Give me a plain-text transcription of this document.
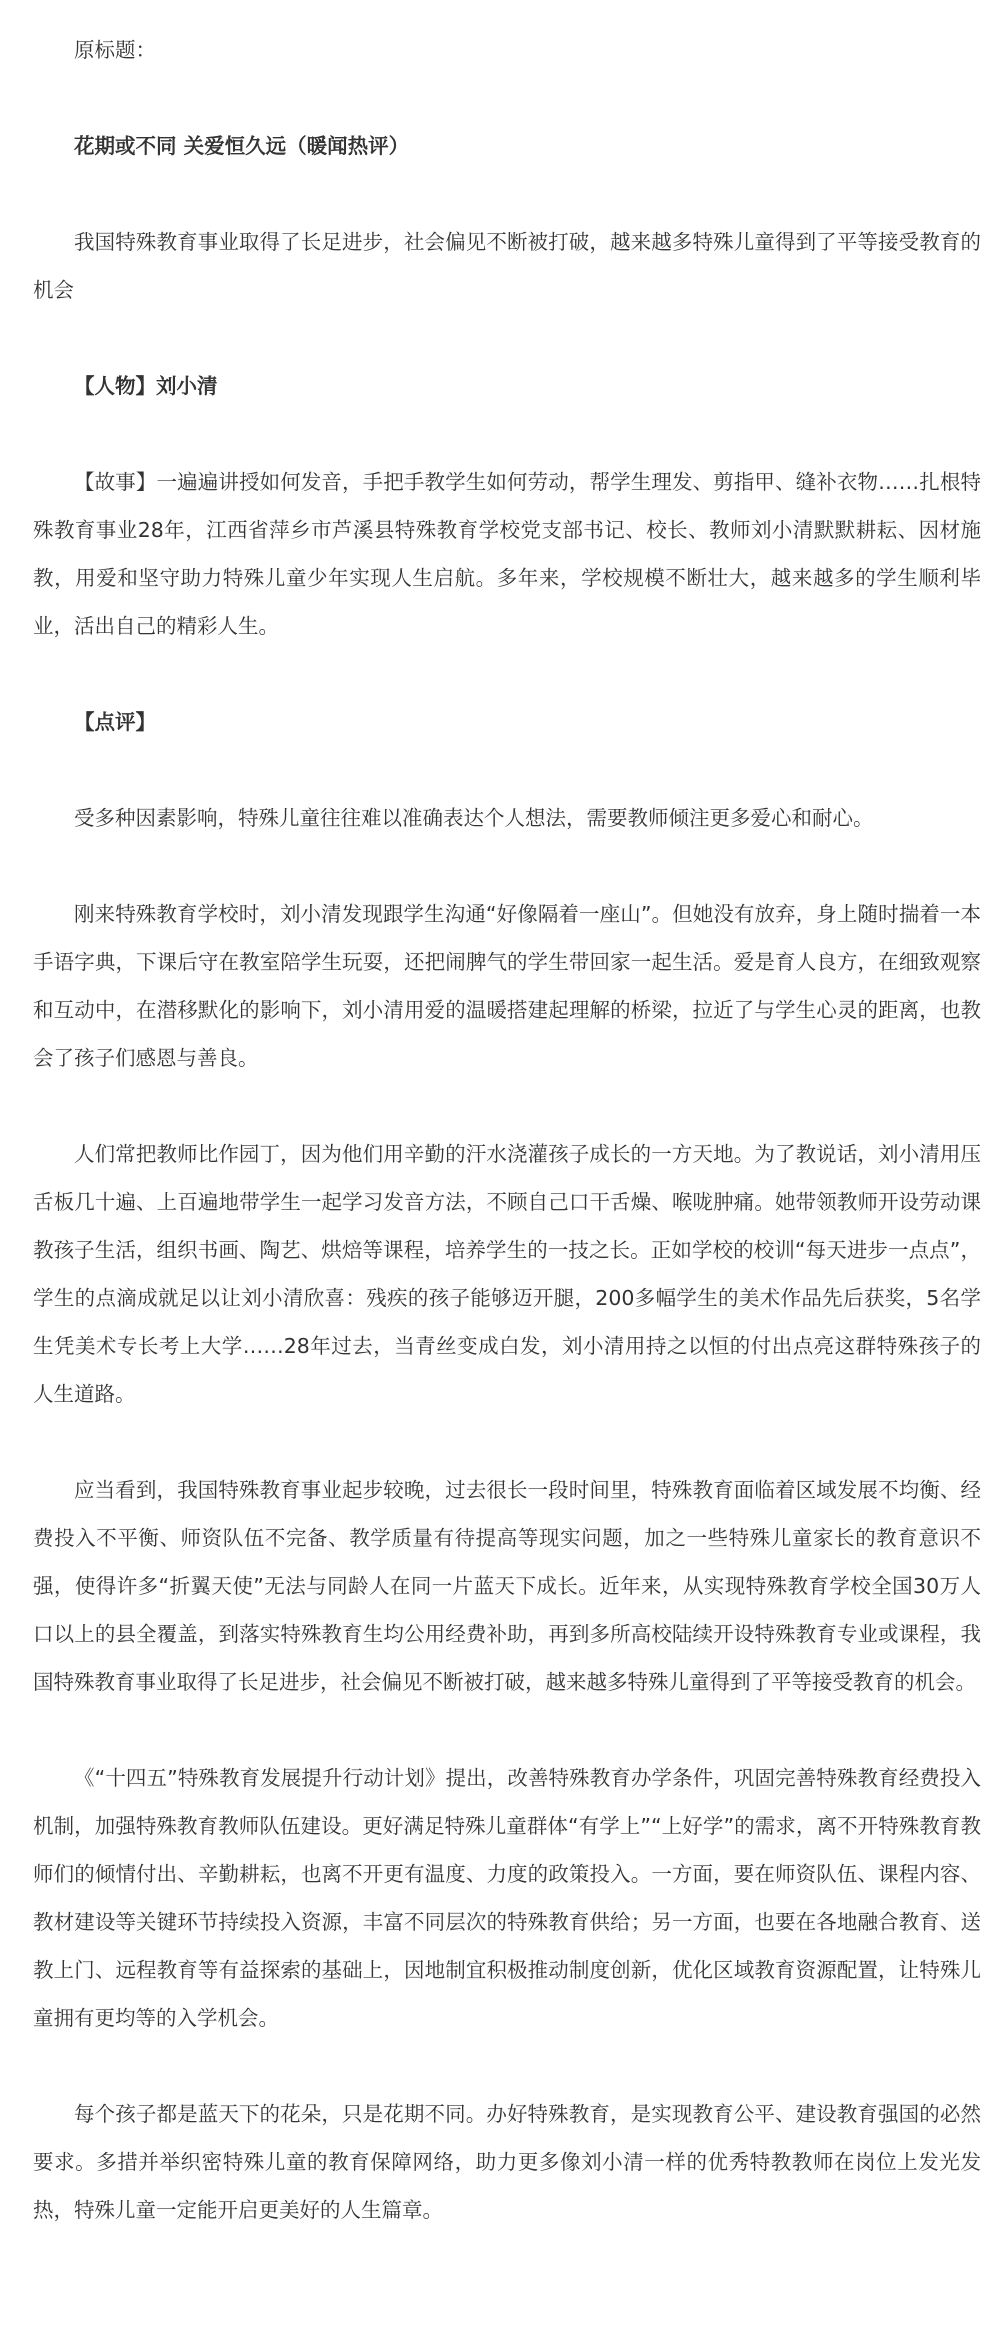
原标题：

花期或不同 关爱恒久远（暖闻热评）

我国特殊教育事业取得了长足进步，社会偏见不断被打破，越来越多特殊儿童得到了平等接受教育的机会

【人物】刘小清

【故事】一遍遍讲授如何发音，手把手教学生如何劳动，帮学生理发、剪指甲、缝补衣物……扎根特殊教育事业28年，江西省萍乡市芦溪县特殊教育学校党支部书记、校长、教师刘小清默默耕耘、因材施教，用爱和坚守助力特殊儿童少年实现人生启航。多年来，学校规模不断壮大，越来越多的学生顺利毕业，活出自己的精彩人生。

【点评】

受多种因素影响，特殊儿童往往难以准确表达个人想法，需要教师倾注更多爱心和耐心。

刚来特殊教育学校时，刘小清发现跟学生沟通“好像隔着一座山”。但她没有放弃，身上随时揣着一本手语字典，下课后守在教室陪学生玩耍，还把闹脾气的学生带回家一起生活。爱是育人良方，在细致观察和互动中，在潜移默化的影响下，刘小清用爱的温暖搭建起理解的桥梁，拉近了与学生心灵的距离，也教会了孩子们感恩与善良。

人们常把教师比作园丁，因为他们用辛勤的汗水浇灌孩子成长的一方天地。为了教说话，刘小清用压舌板几十遍、上百遍地带学生一起学习发音方法，不顾自己口干舌燥、喉咙肿痛。她带领教师开设劳动课教孩子生活，组织书画、陶艺、烘焙等课程，培养学生的一技之长。正如学校的校训“每天进步一点点”，学生的点滴成就足以让刘小清欣喜：残疾的孩子能够迈开腿，200多幅学生的美术作品先后获奖，5名学生凭美术专长考上大学……28年过去，当青丝变成白发，刘小清用持之以恒的付出点亮这群特殊孩子的人生道路。

应当看到，我国特殊教育事业起步较晚，过去很长一段时间里，特殊教育面临着区域发展不均衡、经费投入不平衡、师资队伍不完备、教学质量有待提高等现实问题，加之一些特殊儿童家长的教育意识不强，使得许多“折翼天使”无法与同龄人在同一片蓝天下成长。近年来，从实现特殊教育学校全国30万人口以上的县全覆盖，到落实特殊教育生均公用经费补助，再到多所高校陆续开设特殊教育专业或课程，我国特殊教育事业取得了长足进步，社会偏见不断被打破，越来越多特殊儿童得到了平等接受教育的机会。

《“十四五”特殊教育发展提升行动计划》提出，改善特殊教育办学条件，巩固完善特殊教育经费投入机制，加强特殊教育教师队伍建设。更好满足特殊儿童群体“有学上”“上好学”的需求，离不开特殊教育教师们的倾情付出、辛勤耕耘，也离不开更有温度、力度的政策投入。一方面，要在师资队伍、课程内容、教材建设等关键环节持续投入资源，丰富不同层次的特殊教育供给；另一方面，也要在各地融合教育、送教上门、远程教育等有益探索的基础上，因地制宜积极推动制度创新，优化区域教育资源配置，让特殊儿童拥有更均等的入学机会。

每个孩子都是蓝天下的花朵，只是花期不同。办好特殊教育，是实现教育公平、建设教育强国的必然要求。多措并举织密特殊儿童的教育保障网络，助力更多像刘小清一样的优秀特教教师在岗位上发光发热，特殊儿童一定能开启更美好的人生篇章。
